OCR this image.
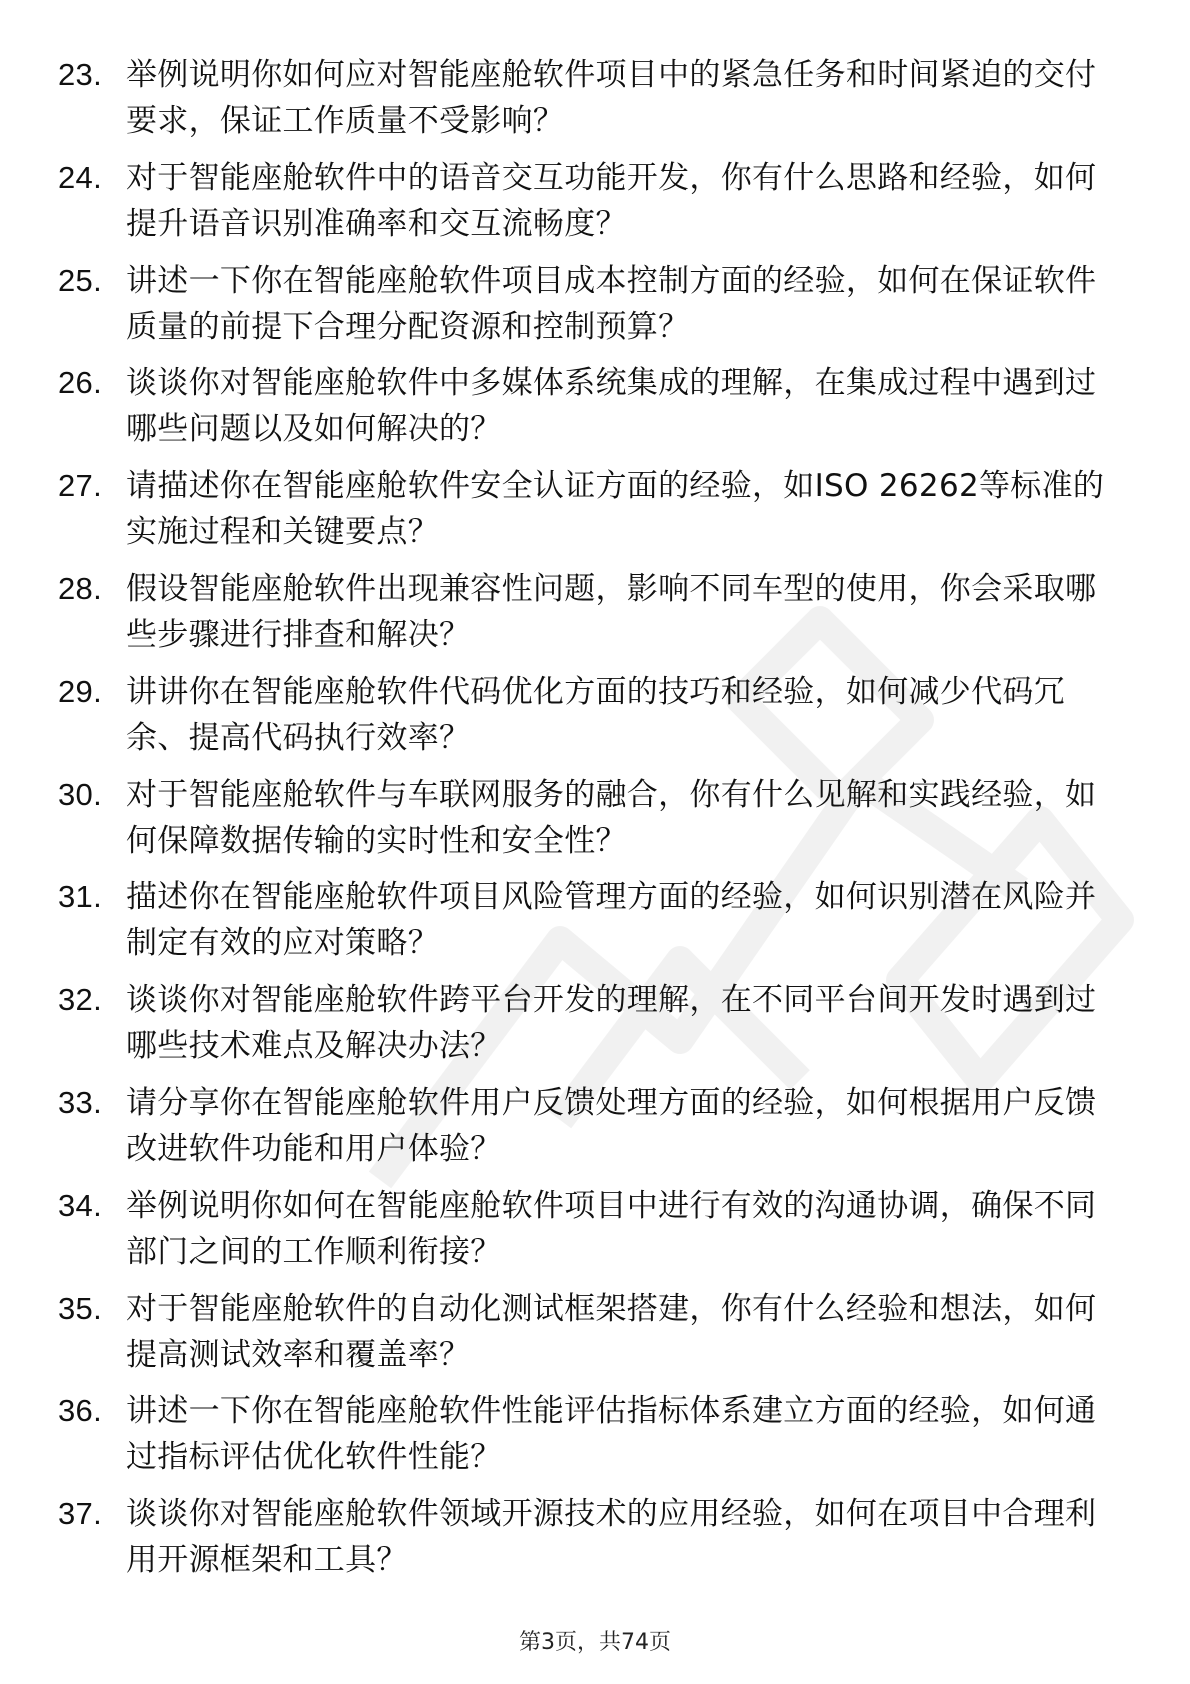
23. 举例说明你如何应对智能座舱软件项目中的紧急任务和时间紧迫的交付要求，保证工作质量不受影响？
24. 对于智能座舱软件中的语音交互功能开发，你有什么思路和经验，如何提升语音识别准确率和交互流畅度？
25. 讲述一下你在智能座舱软件项目成本控制方面的经验，如何在保证软件质量的前提下合理分配资源和控制预算？
26. 谈谈你对智能座舱软件中多媒体系统集成的理解，在集成过程中遇到过哪些问题以及如何解决的？
27. 请描述你在智能座舱软件安全认证方面的经验，如ISO 26262等标准的实施过程和关键要点？
28. 假设智能座舱软件出现兼容性问题，影响不同车型的使用，你会采取哪些步骤进行排查和解决？
29. 讲讲你在智能座舱软件代码优化方面的技巧和经验，如何减少代码冗余、提高代码执行效率？
30. 对于智能座舱软件与车联网服务的融合，你有什么见解和实践经验，如何保障数据传输的实时性和安全性？
31. 描述你在智能座舱软件项目风险管理方面的经验，如何识别潜在风险并制定有效的应对策略？
32. 谈谈你对智能座舱软件跨平台开发的理解，在不同平台间开发时遇到过哪些技术难点及解决办法？
33. 请分享你在智能座舱软件用户反馈处理方面的经验，如何根据用户反馈改进软件功能和用户体验？
34. 举例说明你如何在智能座舱软件项目中进行有效的沟通协调，确保不同部门之间的工作顺利衔接？
35. 对于智能座舱软件的自动化测试框架搭建，你有什么经验和想法，如何提高测试效率和覆盖率？
36. 讲述一下你在智能座舱软件性能评估指标体系建立方面的经验，如何通过指标评估优化软件性能？
37. 谈谈你对智能座舱软件领域开源技术的应用经验，如何在项目中合理利用开源框架和工具？
第3页，共74页
